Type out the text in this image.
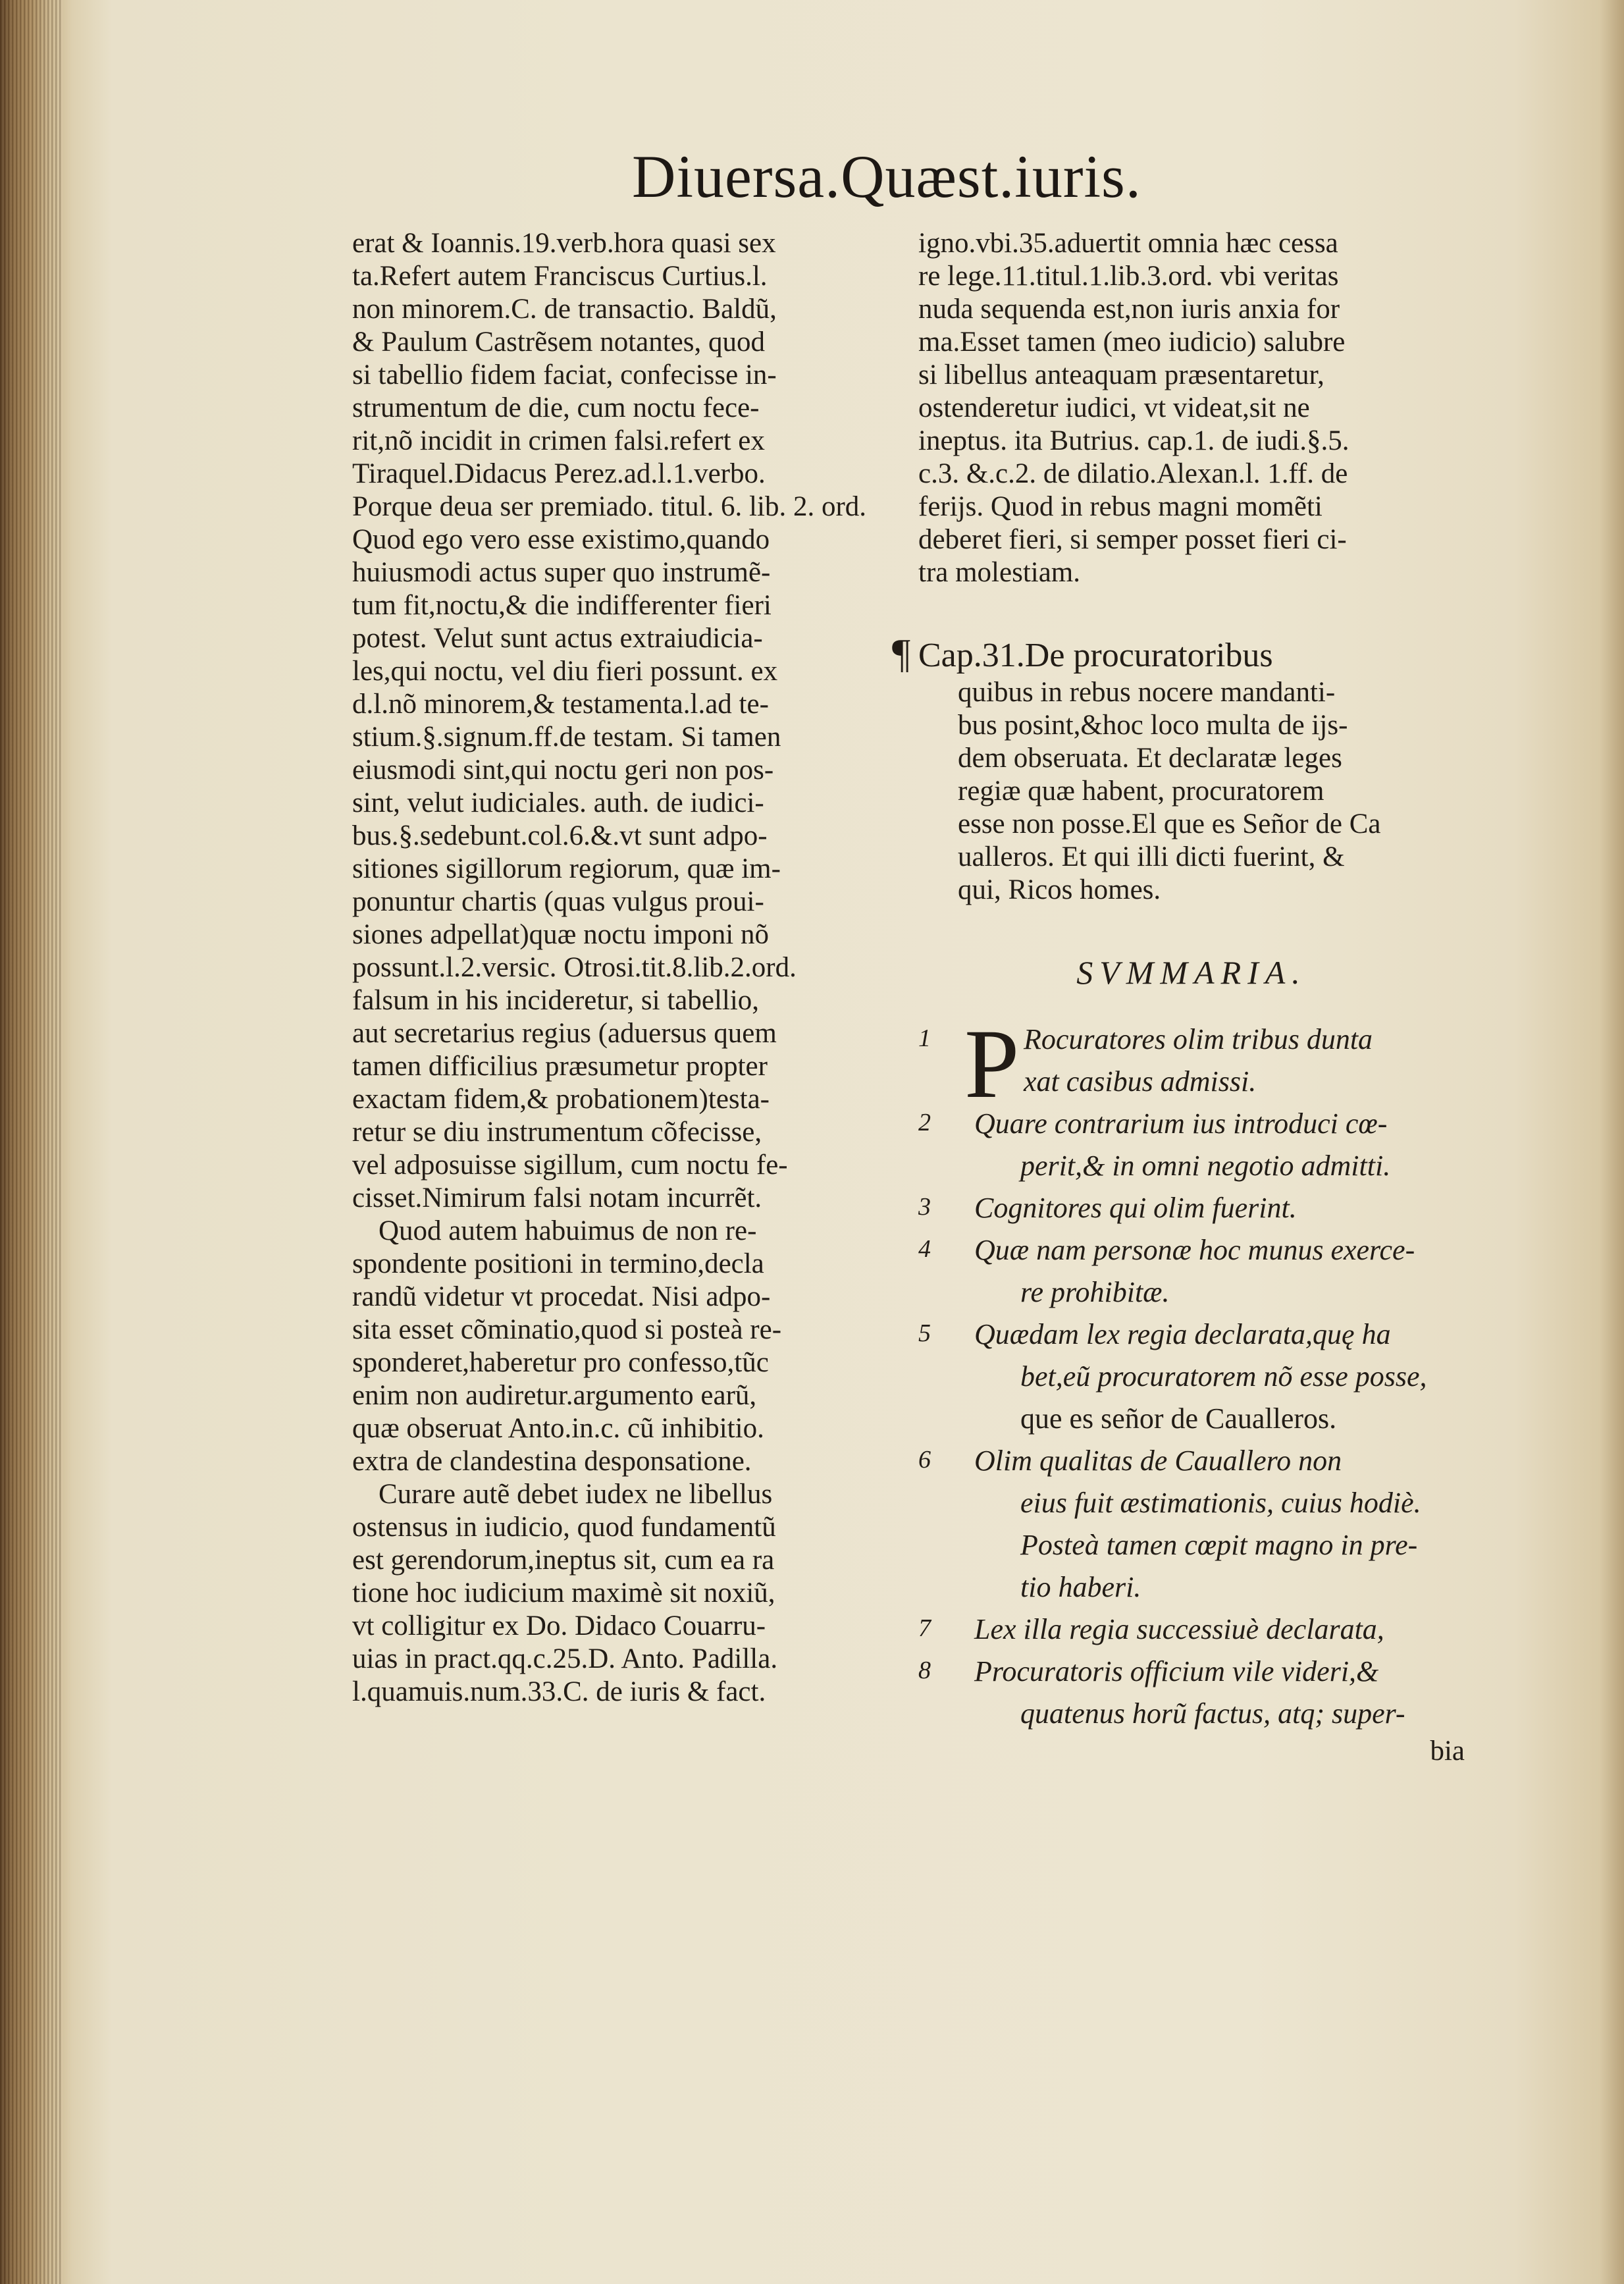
Diuersa.Quæst.iuris.
erat & Ioannis.19.verb.hora quasi sex
ta.Refert autem Franciscus Curtius.l.
non minorem.C. de transactio. Baldũ,
& Paulum Castrẽsem notantes, quod
si tabellio fidem faciat, confecisse in-
strumentum de die, cum noctu fece-
rit,nõ incidit in crimen falsi.refert ex
Tiraquel.Didacus Perez.ad.l.1.verbo.
Porque deua ser premiado. titul. 6. lib. 2. ord.
Quod ego vero esse existimo,quando
huiusmodi actus super quo instrumẽ-
tum fit,noctu,& die indifferenter fieri
potest. Velut sunt actus extraiudicia-
les,qui noctu, vel diu fieri possunt. ex
d.l.nõ minorem,& testamenta.l.ad te-
stium.§.signum.ff.de testam. Si tamen
eiusmodi sint,qui noctu geri non pos-
sint, velut iudiciales. auth. de iudici-
bus.§.sedebunt.col.6.&.vt sunt adpo-
sitiones sigillorum regiorum, quæ im-
ponuntur chartis (quas vulgus proui-
siones adpellat)quæ noctu imponi nõ
possunt.l.2.versic. Otrosi.tit.8.lib.2.ord.
falsum in his incideretur, si tabellio,
aut secretarius regius (aduersus quem
tamen difficilius præsumetur propter
exactam fidem,& probationem)testa-
retur se diu instrumentum cõfecisse,
vel adposuisse sigillum, cum noctu fe-
cisset.Nimirum falsi notam incurrẽt.
Quod autem habuimus de non re-
spondente positioni in termino,decla
randũ videtur vt procedat. Nisi adpo-
sita esset cõminatio,quod si posteà re-
sponderet,haberetur pro confesso,tũc
enim non audiretur.argumento earũ,
quæ obseruat Anto.in.c. cũ inhibitio.
extra de clandestina desponsatione.
Curare autẽ debet iudex ne libellus
ostensus in iudicio, quod fundamentũ
est gerendorum,ineptus sit, cum ea ra
tione hoc iudicium maximè sit noxiũ,
vt colligitur ex Do. Didaco Couarru-
uias in pract.qq.c.25.D. Anto. Padilla.
l.quamuis.num.33.C. de iuris & fact.
igno.vbi.35.aduertit omnia hæc cessa
re lege.11.titul.1.lib.3.ord. vbi veritas
nuda sequenda est,non iuris anxia for
ma.Esset tamen (meo iudicio) salubre
si libellus anteaquam præsentaretur,
ostenderetur iudici, vt videat,sit ne
ineptus. ita Butrius. cap.1. de iudi.§.5.
c.3. &.c.2. de dilatio.Alexan.l. 1.ff. de
ferijs. Quod in rebus magni momẽti
deberet fieri, si semper posset fieri ci-
tra molestiam.
¶ Cap.31.De procuratoribus
quibus in rebus nocere mandanti-
bus posint,&hoc loco multa de ijs-
dem obseruata. Et declaratæ leges
regiæ quæ habent, procuratorem
esse non posse.El que es Señor de Ca
ualleros. Et qui illi dicti fuerint, &
qui, Ricos homes.
SVMMARIA.
1 P Rocuratores olim tribus dunta
xat casibus admissi.
2	Quare contrarium ius introduci cœ-
perit,& in omni negotio admitti.
3	Cognitores qui olim fuerint.
4	Quæ nam personæ hoc munus exerce-
re prohibitæ.
5	Quædam lex regia declarata,quę ha
bet,eũ procuratorem nõ esse posse,
que es señor de Caualleros.
6	Olim qualitas de Cauallero non
eius fuit æstimationis, cuius hodiè.
Posteà tamen cœpit magno in pre-
tio haberi.
7	Lex illa regia successiuè declarata,
8	Procuratoris officium vile videri,&
quatenus horũ factus, atq; super-
bia
